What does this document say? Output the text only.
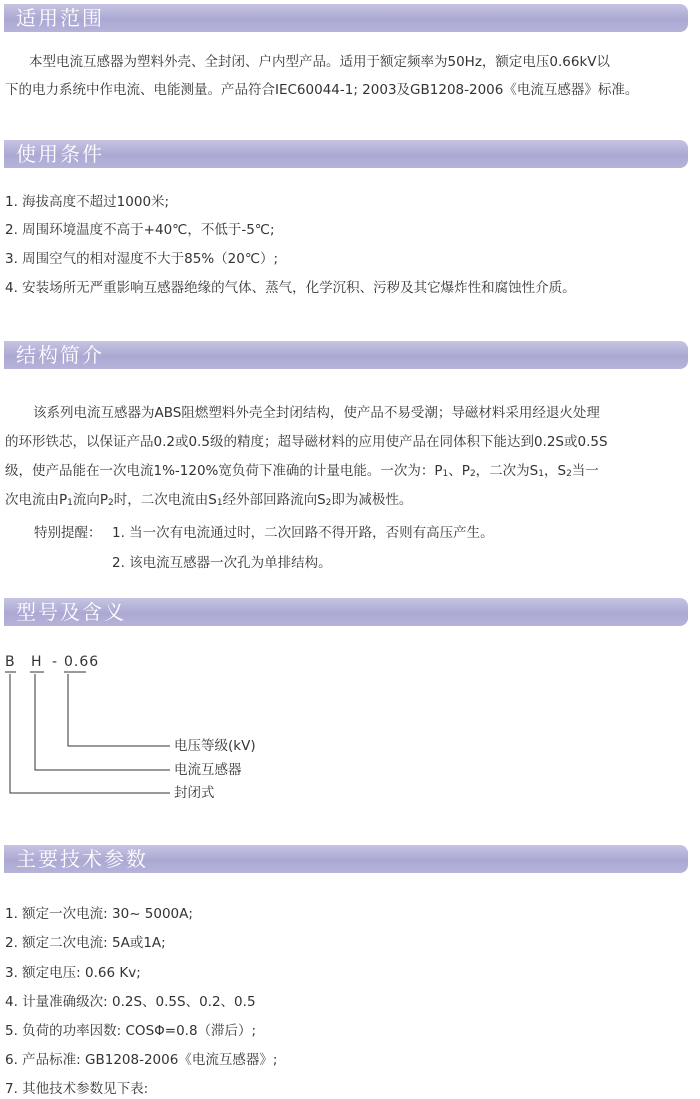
适用范围
本型电流互感器为塑料外壳、全封闭、户内型产品。适用于额定频率为50Hz，额定电压0.66kV以
下的电力系统中作电流、电能测量。产品符合IEC60044-1; 2003及GB1208-2006《电流互感器》标准。
使用条件
1. 海拔高度不超过1000米;
2. 周围环境温度不高于+40℃，不低于-5℃;
3. 周围空气的相对湿度不大于85%（20℃）;
4. 安装场所无严重影响互感器绝缘的气体、蒸气，化学沉积、污秽及其它爆炸性和腐蚀性介质。
结构简介
该系列电流互感器为ABS阻燃塑料外壳全封闭结构，使产品不易受潮；导磁材料采用经退火处理
的环形铁芯，以保证产品0.2或0.5级的精度；超导磁材料的应用使产品在同体积下能达到0.2S或0.5S
级，使产品能在一次电流1%-120%宽负荷下准确的计量电能。一次为：$P_1$、$P_2$，二次为$S_1$，$S_2$当一
次电流由$P_1$流向$P_2$时，二次电流由$S_1$经外部回路流向$S_2$即为减极性。
特别提醒： 1. 当一次有电流通过时，二次回路不得开路，否则有高压产生。
2. 该电流互感器一次孔为单排结构。
型号及含义
B H - 0.66
电压等级(kV)
电流互感器
封闭式
主要技术参数
1. 额定一次电流: 30~ 5000A;
2. 额定二次电流: 5A或1A;
3. 额定电压: 0.66 Kv;
4. 计量准确级次: 0.2S、0.5S、0.2、0.5
5. 负荷的功率因数: COSΦ=0.8（滞后）;
6. 产品标准: GB1208-2006《电流互感器》;
7. 其他技术参数见下表:
